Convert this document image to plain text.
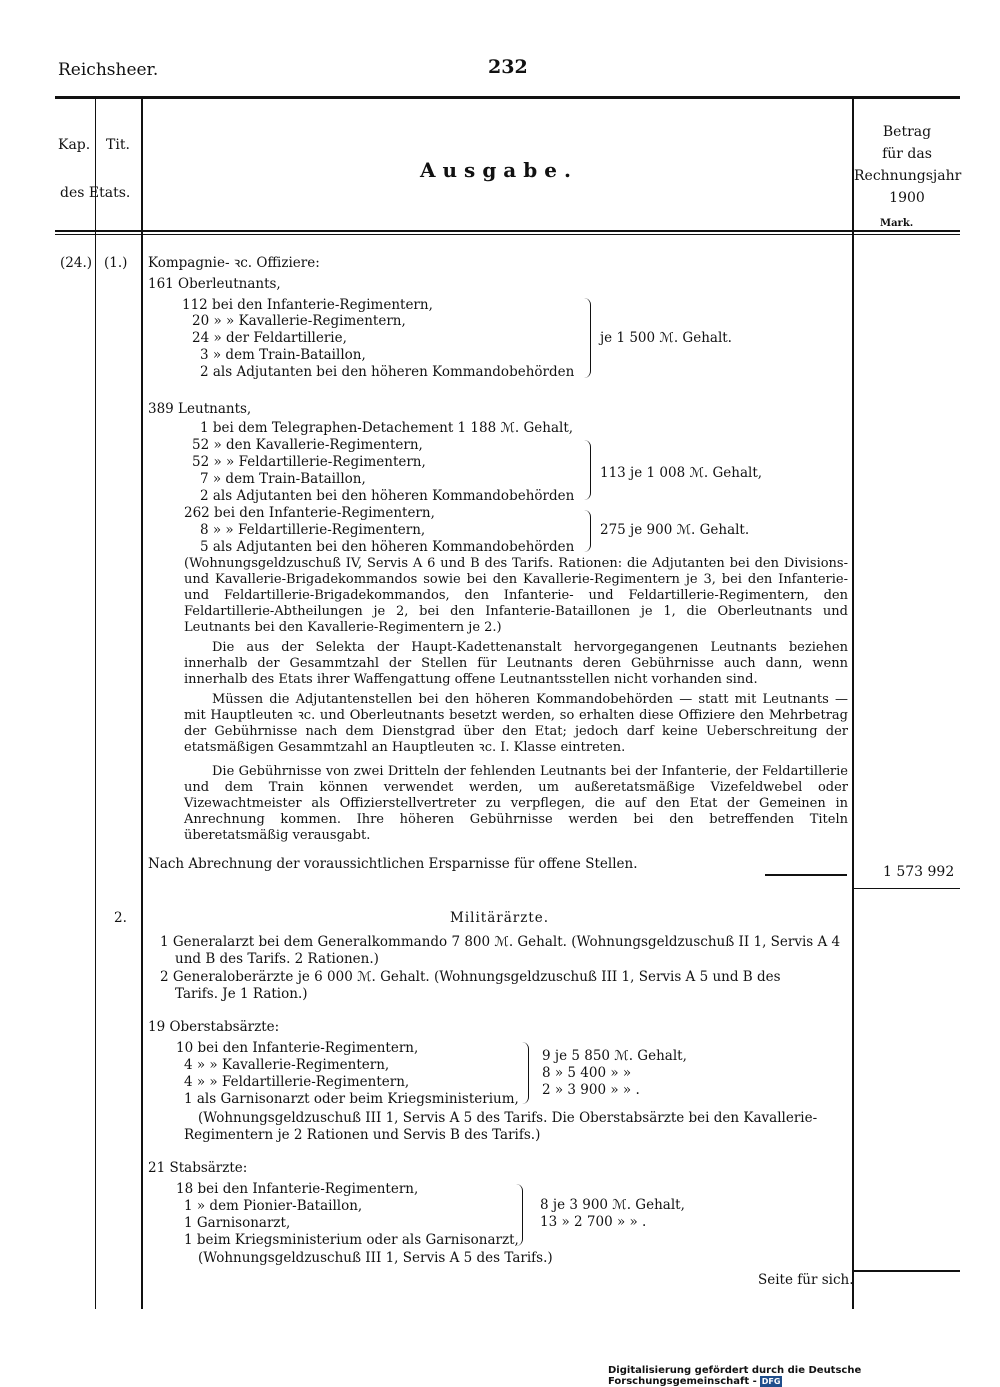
Reichsheer.	232
Kap. Tit.
des Etats.
Ausgabe.
Betrag
für das
Rechnungsjahr
1900
Mark.
(24.) (1.)
2.
Kompagnie- ꝛc. Offiziere:
161 Oberleutnants,
112 bei den Infanterie-Regimentern,
20 » » Kavallerie-Regimentern,
24 » der Feldartillerie,
3 » dem Train-Bataillon,
2 als Adjutanten bei den höheren Kommandobehörden
je 1 500 ℳ. Gehalt.
389 Leutnants,
1 bei dem Telegraphen-Detachement 1 188 ℳ. Gehalt,
52 » den Kavallerie-Regimentern,
52 » » Feldartillerie-Regimentern,
7 » dem Train-Bataillon,
2 als Adjutanten bei den höheren Kommandobehörden
262 bei den Infanterie-Regimentern,
8 » » Feldartillerie-Regimentern,
5 als Adjutanten bei den höheren Kommandobehörden
113 je 1 008 ℳ. Gehalt,
275 je 900 ℳ. Gehalt.
(Wohnungsgeldzuschuß IV, Servis A 6 und B des Tarifs. Rationen: die Adjutanten bei den Divisions- und Kavallerie-Brigadekommandos sowie bei den Kavallerie-Regimentern je 3, bei den Infanterie- und Feldartillerie-Brigadekommandos, den Infanterie- und Feldartillerie-Regimentern, den Feldartillerie-Abtheilungen je 2, bei den Infanterie-Bataillonen je 1, die Oberleutnants und Leutnants bei den Kavallerie-Regimentern je 2.)
Die aus der Selekta der Haupt-Kadettenanstalt hervorgegangenen Leutnants beziehen innerhalb der Gesammtzahl der Stellen für Leutnants deren Gebührnisse auch dann, wenn innerhalb des Etats ihrer Waffengattung offene Leutnantsstellen nicht vorhanden sind.
Müssen die Adjutantenstellen bei den höheren Kommandobehörden — statt mit Leutnants — mit Hauptleuten ꝛc. und Oberleutnants besetzt werden, so erhalten diese Offiziere den Mehrbetrag der Gebührnisse nach dem Dienstgrad über den Etat; jedoch darf keine Ueberschreitung der etatsmäßigen Gesammtzahl an Hauptleuten ꝛc. I. Klasse eintreten.
Die Gebührnisse von zwei Dritteln der fehlenden Leutnants bei der Infanterie, der Feldartillerie und dem Train können verwendet werden, um außeretatsmäßige Vizefeldwebel oder Vizewachtmeister als Offizierstellvertreter zu verpflegen, die auf den Etat der Gemeinen in Anrechnung kommen. Ihre höheren Gebührnisse werden bei den betreffenden Titeln überetatsmäßig verausgabt.
Nach Abrechnung der voraussichtlichen Ersparnisse für offene Stellen.	1 573 992
Militärärzte.
1 Generalarzt bei dem Generalkommando 7 800 ℳ. Gehalt. (Wohnungsgeldzuschuß II 1, Servis A 4
und B des Tarifs. 2 Rationen.)
2 Generaloberärzte je 6 000 ℳ. Gehalt. (Wohnungsgeldzuschuß III 1, Servis A 5 und B des
Tarifs. Je 1 Ration.)
19 Oberstabsärzte:
10 bei den Infanterie-Regimentern,
4 » » Kavallerie-Regimentern,
4 » » Feldartillerie-Regimentern,
1 als Garnisonarzt oder beim Kriegsministerium,
9 je 5 850 ℳ. Gehalt,
8 » 5 400 » »
2 » 3 900 » » .
(Wohnungsgeldzuschuß III 1, Servis A 5 des Tarifs. Die Oberstabsärzte bei den Kavallerie-
Regimentern je 2 Rationen und Servis B des Tarifs.)
21 Stabsärzte:
18 bei den Infanterie-Regimentern,
1 » dem Pionier-Bataillon,
1 Garnisonarzt,
1 beim Kriegsministerium oder als Garnisonarzt,
8 je 3 900 ℳ. Gehalt,
13 » 2 700 » » .
(Wohnungsgeldzuschuß III 1, Servis A 5 des Tarifs.)
Seite für sich.
Digitalisierung gefördert durch die Deutsche Forschungsgemeinschaft - DFG
